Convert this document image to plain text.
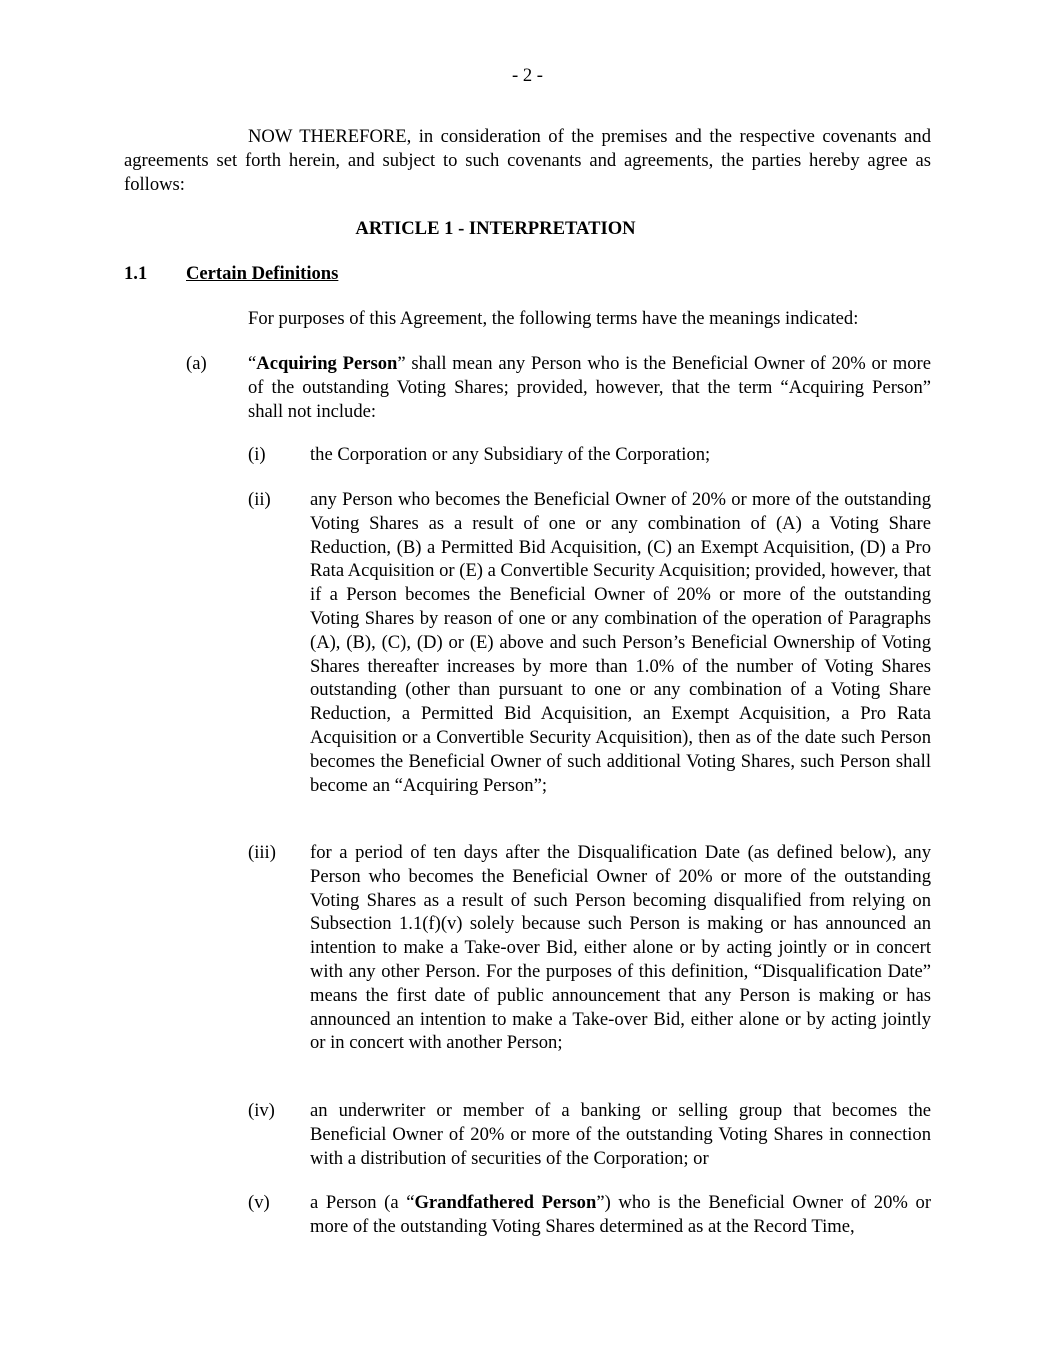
- 2 -
NOW THEREFORE, in consideration of the premises and the respective covenants and agreements set forth herein, and subject to such covenants and agreements, the parties hereby agree as follows:
ARTICLE 1 - INTERPRETATION
1.1 Certain Definitions
For purposes of this Agreement, the following terms have the meanings indicated:
(a) “Acquiring Person” shall mean any Person who is the Beneficial Owner of 20% or more of the outstanding Voting Shares; provided, however, that the term “Acquiring Person” shall not include:
(i) the Corporation or any Subsidiary of the Corporation;
(ii) any Person who becomes the Beneficial Owner of 20% or more of the outstanding Voting Shares as a result of one or any combination of (A) a Voting Share Reduction, (B) a Permitted Bid Acquisition, (C) an Exempt Acquisition, (D) a Pro Rata Acquisition or (E) a Convertible Security Acquisition; provided, however, that if a Person becomes the Beneficial Owner of 20% or more of the outstanding Voting Shares by reason of one or any combination of the operation of Paragraphs (A), (B), (C), (D) or (E) above and such Person’s Beneficial Ownership of Voting Shares thereafter increases by more than 1.0% of the number of Voting Shares outstanding (other than pursuant to one or any combination of a Voting Share Reduction, a Permitted Bid Acquisition, an Exempt Acquisition, a Pro Rata Acquisition or a Convertible Security Acquisition), then as of the date such Person becomes the Beneficial Owner of such additional Voting Shares, such Person shall become an “Acquiring Person”;
(iii) for a period of ten days after the Disqualification Date (as defined below), any Person who becomes the Beneficial Owner of 20% or more of the outstanding Voting Shares as a result of such Person becoming disqualified from relying on Subsection 1.1(f)(v) solely because such Person is making or has announced an intention to make a Take-over Bid, either alone or by acting jointly or in concert with any other Person. For the purposes of this definition, “Disqualification Date” means the first date of public announcement that any Person is making or has announced an intention to make a Take-over Bid, either alone or by acting jointly or in concert with another Person;
(iv) an underwriter or member of a banking or selling group that becomes the Beneficial Owner of 20% or more of the outstanding Voting Shares in connection with a distribution of securities of the Corporation; or
(v) a Person (a “Grandfathered Person”) who is the Beneficial Owner of 20% or more of the outstanding Voting Shares determined as at the Record Time,
